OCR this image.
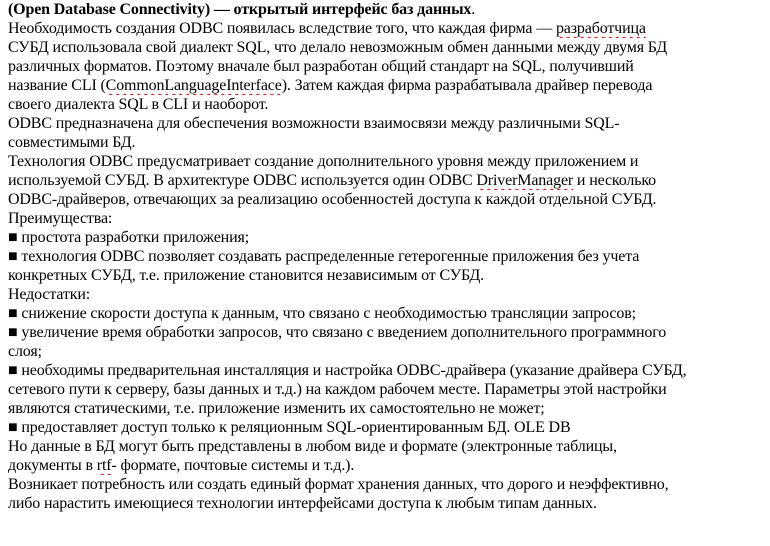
(Open Database Connectivity) — открытый интерфейс баз данных.
Необходимость создания ODBC появилась вследствие того, что каждая фирма — разработчица
СУБД использовала свой диалект SQL, что делало невозможным обмен данными между двумя БД
различных форматов. Поэтому вначале был разработан общий стандарт на SQL, получивший
название CLI (CommonLanguageInterface). Затем каждая фирма разрабатывала драйвер перевода
своего диалекта SQL в CLI и наоборот.
ODBC предназначена для обеспечения возможности взаимосвязи между различными SQL-
совместимыми БД.
Технология ODBC предусматривает создание дополнительного уровня между приложением и
используемой СУБД. В архитектуре ODBC используется один ODBC DriverManager и несколько
ODBC-драйверов, отвечающих за реализацию особенностей доступа к каждой отдельной СУБД.
Преимущества:
■ простота разработки приложения;
■ технология ODBC позволяет создавать распределенные гетерогенные приложения без учета
конкретных СУБД, т.е. приложение становится независимым от СУБД.
Недостатки:
■ снижение скорости доступа к данным, что связано с необходимостью трансляции запросов;
■ увеличение время обработки запросов, что связано с введением дополнительного программного
слоя;
■ необходимы предварительная инсталляция и настройка ODBC-драйвера (указание драйвера СУБД,
сетевого пути к серверу, базы данных и т.д.) на каждом рабочем месте. Параметры этой настройки
являются статическими, т.е. приложение изменить их самостоятельно не может;
■ предоставляет доступ только к реляционным SQL-ориентированным БД. OLE DB
Но данные в БД могут быть представлены в любом виде и формате (электронные таблицы,
документы в rtf- формате, почтовые системы и т.д.).
Возникает потребность или создать единый формат хранения данных, что дорого и неэффективно,
либо нарастить имеющиеся технологии интерфейсами доступа к любым типам данных.
